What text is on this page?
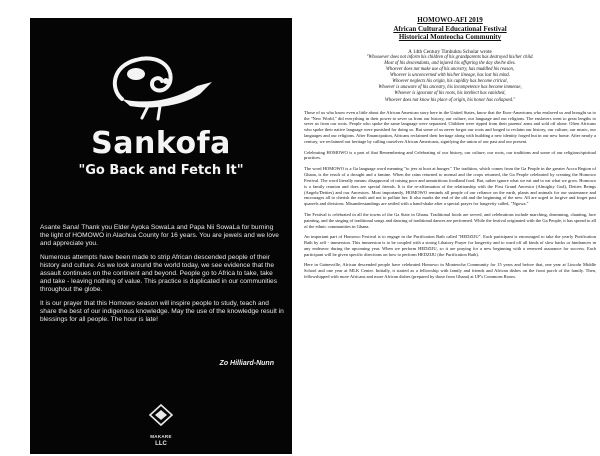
Sankofa
"Go Back and Fetch It"

Asante Sana! Thank you Elder Ayoka SowaLa and Papa Nii SowaLa for burning the light of HOMOWO in Alachua County for 16 years. You are jewels and we love and appreciate you.

Numerous attempts have been made to strip African descended people of their history and culture. As we look around the world today, we see evidence that the assault continues on the continent and beyond. People go to Africa to take, take and take - leaving nothing of value. This practice is duplicated in our communities throughout the globe.

It is our prayer that this Homowo season will inspire people to study, teach and share the best of our indigenous knowledge. May the use of the knowledge result in blessings for all people. The hour is late!

Zo Hilliard-Nunn
MAKARE
LLC
HOMOWO-AFI 2019
African Cultural Educational Festival
Historical Monteocha Community
A 14th Century Timbuktu Scholar wrote
"Whosoever does not inform his children of his grandparents has destroyed his/her child.
Most of his descendants, and injured his offspring the day she/he dies.
Whoever does not make use of his ancestry, has muddled his reason,
Whoever is unconcerned with his/her lineage, has lost his mind.
Whoever neglects his origin, his cupidity has become critical,
Whoever is unaware of his ancestry, his incompetence has become immense,
Whoever is ignorant of his roots, his intellect has vanished,
Whoever does not know his place of origin, his honor has collapsed."

Those of us who know even a little about the African American story here in the United States, know that the Euro-Americans who enslaved us and brought us to the "New World," did everything in their power to sever us from our history, our culture, our language and our religions. The enslavers went to great lengths to sever us from our roots. People who spoke the same language were separated. Children were ripped from their parents' arms and sold off alone. Often Africans who spoke their native language were punished for doing so. But some of us never forgot our roots and longed to reclaim our history, our culture, our music, our languages and our religions. After Emancipation, Africans reclaimed their heritage along with building a new identity forged but in our new home. After nearly a century, we reclaimed our heritage by calling ourselves African Americans, signifying the union of our past and our present.

Celebrating HOMOWO is a part of that Remembering and Celebrating of our history, our culture, our roots, our traditions and some of our religious/spiritual practices.

The word HOMOWO is a Ga language word meaning "to jeer at hoot at hunger." The tradition, which comes from the Ga People in the greater Accra Region of Ghana, is the result of a drought and a famine. When the rains returned to normal and the crops returned, the Ga People celebrated by creating the Homowo Festival. The word literally means: disapproval of raising poor and unnutritious foodland food. But, rather ignore what we eat and to eat what we grow. Homowo is a family reunion and does are special friends. It is the re-affirmation of the relationship with the First Grand Ancestor (Almighty God), Deities Beings (Angels/Deities) and our Ancestors. Most importantly, HOMOWO reminds all people of our reliance on the earth, plants and animals for our sustenance and encourages all to cherish the earth and not to pollute her. It also marks the end of the old and the beginning of the new. All are urged to forgive and forget past quarrels and divisions. Misunderstandings are settled with a hand-shake after a special prayer for longevity called, "Ngowa."

The Festival is celebrated in all the towns of the Ga State in Ghana. Traditional foods are served, and celebrations include marching, drumming, chanting, face painting, and the singing of traditional songs and dancing of traditional dances are performed. While the festival originated with the Ga People, it has spread to all of the ethnic communities in Ghana.

An important part of Homowo Festival is to engage in the Purification Bath called "HEDZIJU". Each participant is encouraged to take the yearly Purification Bath by self - immersion. This immersion is to be coupled with a strong Libatory Prayer for longevity and to ward off all kinds of slow backs or hindrances in any endeavor during the upcoming year. When we perform HEDZIJU, so it are praying for a new beginning with a renewed assurance for success. Each participant will be given specific directions on how to perform HEDZIJU (the Purification Bath).

Here in Gainesville, African descended people have celebrated Homowo in Monteocha Community for 15 years and before that, one year at Lincoln Middle School and one year at MLK Center. Initially, it started as a fellowship with family and friends and African dishes on the front porch of the family. Then, fellowshipped with more Africans and more African dishes (prepared by those from Ghana) at UF's Commons Room.
